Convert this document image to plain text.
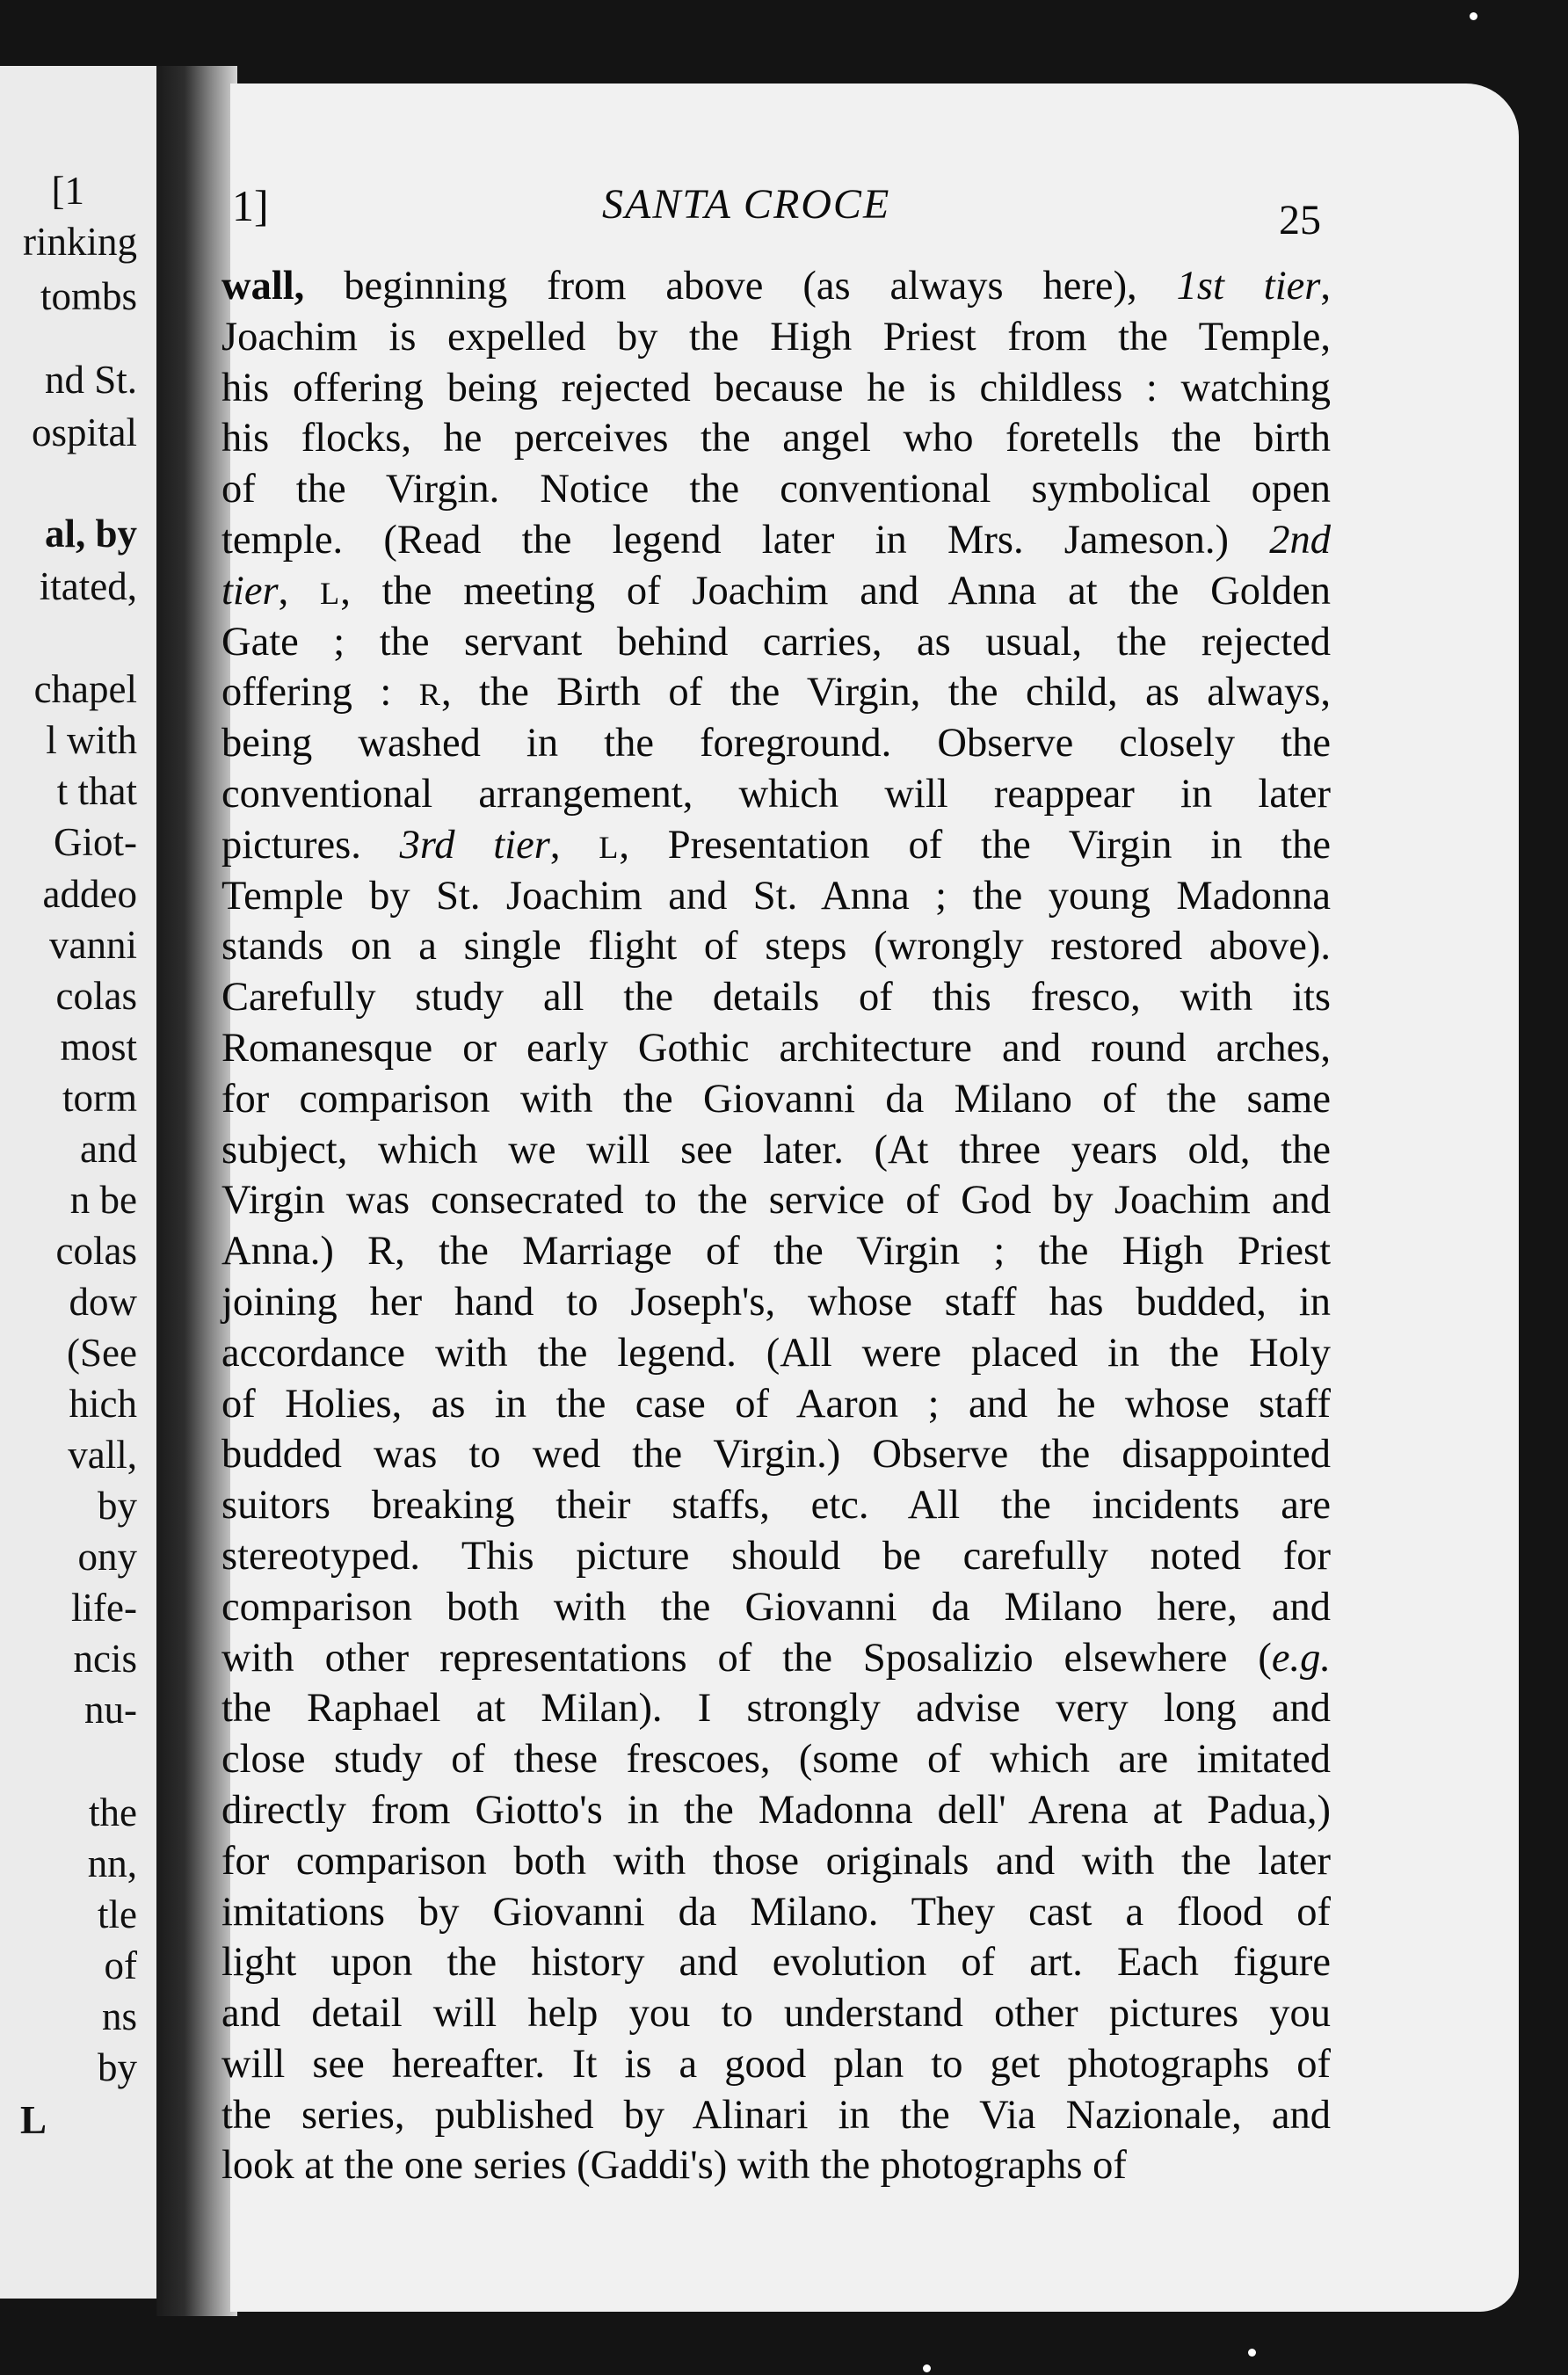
[1
rinking
tombs
nd St.
ospital
al, by
itated,
chapel
l with
t that
Giot-
addeo
vanni
colas
most
torm
and
n be
colas
dow
(See
hich
vall,
by
ony
life-
ncis
nu-
the
nn,
tle
of
ns
by
L
1]	SANTA CROCE	25
wall, beginning from above (as always here), 1st tier,
Joachim is expelled by the High Priest from the Temple,
his offering being rejected because he is childless : watching
his flocks, he perceives the angel who foretells the birth
of the Virgin. Notice the conventional symbolical open
temple. (Read the legend later in Mrs. Jameson.) 2nd
tier, L, the meeting of Joachim and Anna at the Golden
Gate ; the servant behind carries, as usual, the rejected
offering : R, the Birth of the Virgin, the child, as always,
being washed in the foreground. Observe closely the
conventional arrangement, which will reappear in later
pictures. 3rd tier, L, Presentation of the Virgin in the
Temple by St. Joachim and St. Anna ; the young Madonna
stands on a single flight of steps (wrongly restored above).
Carefully study all the details of this fresco, with its
Romanesque or early Gothic architecture and round arches,
for comparison with the Giovanni da Milano of the same
subject, which we will see later. (At three years old, the
Virgin was consecrated to the service of God by Joachim and
Anna.) R, the Marriage of the Virgin ; the High Priest
joining her hand to Joseph's, whose staff has budded, in
accordance with the legend. (All were placed in the Holy
of Holies, as in the case of Aaron ; and he whose staff
budded was to wed the Virgin.) Observe the disappointed
suitors breaking their staffs, etc. All the incidents are
stereotyped. This picture should be carefully noted for
comparison both with the Giovanni da Milano here, and
with other representations of the Sposalizio elsewhere (e.g.
the Raphael at Milan). I strongly advise very long and
close study of these frescoes, (some of which are imitated
directly from Giotto's in the Madonna dell' Arena at Padua,)
for comparison both with those originals and with the later
imitations by Giovanni da Milano. They cast a flood of
light upon the history and evolution of art. Each figure
and detail will help you to understand other pictures you
will see hereafter. It is a good plan to get photographs of
the series, published by Alinari in the Via Nazionale, and
look at the one series (Gaddi's) with the photographs of
